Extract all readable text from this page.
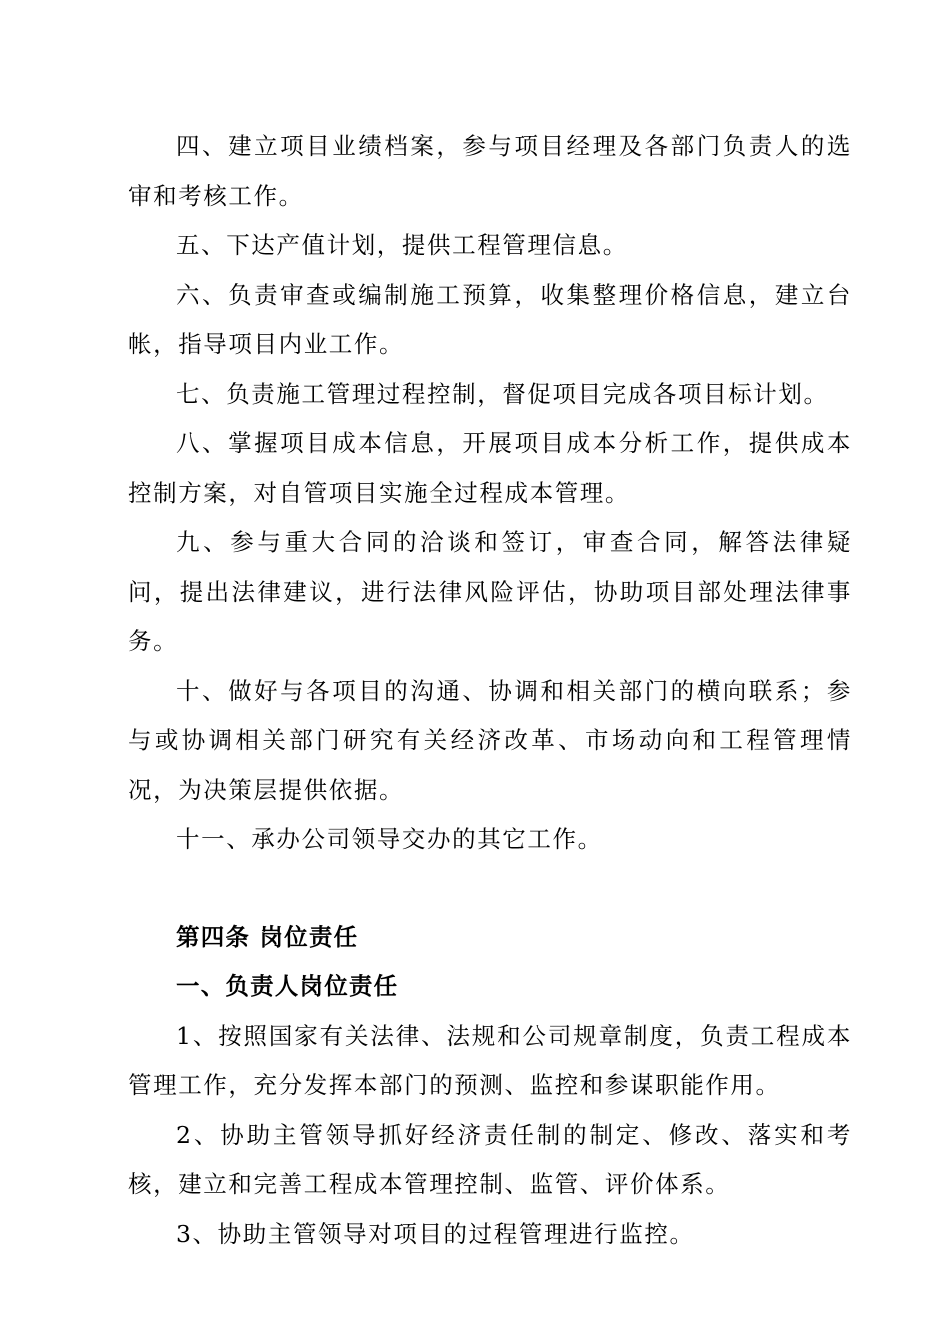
四、建立项目业绩档案，参与项目经理及各部门负责人的选审和考核工作。

五、下达产值计划，提供工程管理信息。

六、负责审查或编制施工预算，收集整理价格信息，建立台帐，指导项目内业工作。

七、负责施工管理过程控制，督促项目完成各项目标计划。

八、掌握项目成本信息，开展项目成本分析工作，提供成本控制方案，对自管项目实施全过程成本管理。

九、参与重大合同的洽谈和签订，审查合同，解答法律疑问，提出法律建议，进行法律风险评估，协助项目部处理法律事务。

十、做好与各项目的沟通、协调和相关部门的横向联系；参与或协调相关部门研究有关经济改革、市场动向和工程管理情况，为决策层提供依据。

十一、承办公司领导交办的其它工作。

第四条 岗位责任

一、负责人岗位责任

1、按照国家有关法律、法规和公司规章制度，负责工程成本管理工作，充分发挥本部门的预测、监控和参谋职能作用。

2、协助主管领导抓好经济责任制的制定、修改、落实和考核，建立和完善工程成本管理控制、监管、评价体系。

3、协助主管领导对项目的过程管理进行监控。
